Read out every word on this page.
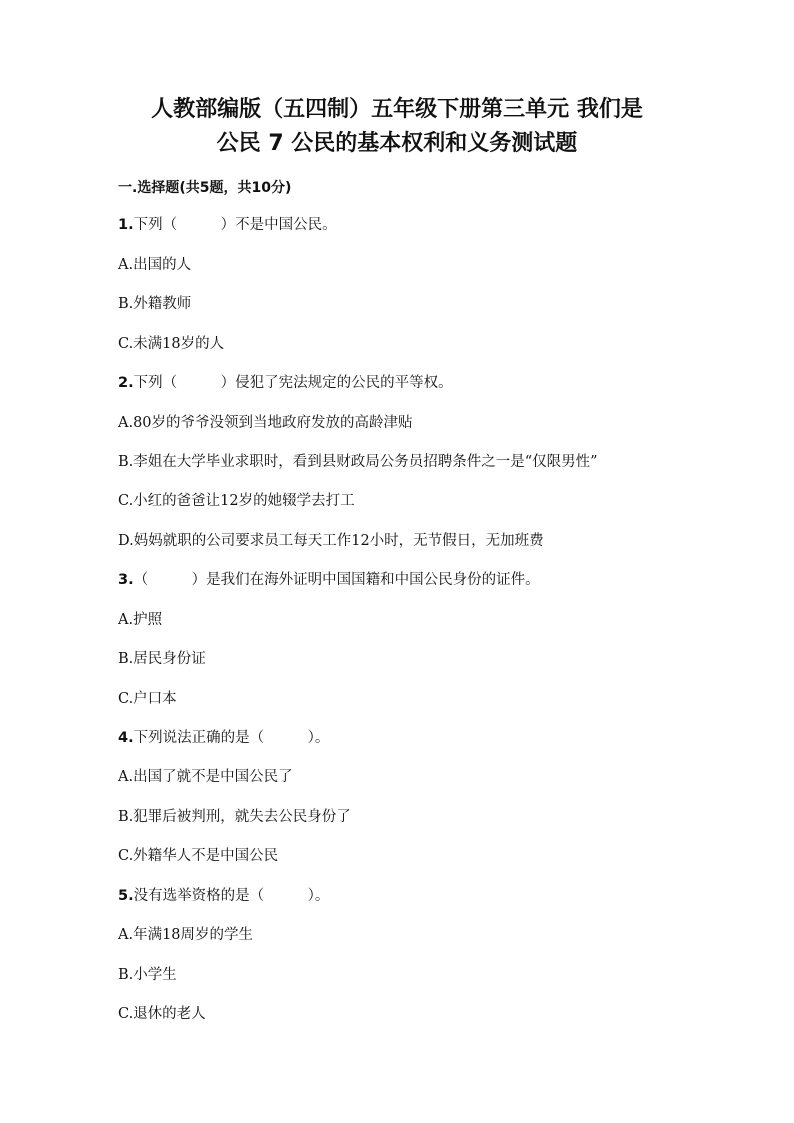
人教部编版（五四制）五年级下册第三单元 我们是
公民 7 公民的基本权利和义务测试题
一.选择题(共5题，共10分)
1.下列（　　　）不是中国公民。
A.出国的人
B.外籍教师
C.未满18岁的人
2.下列（　　　）侵犯了宪法规定的公民的平等权。
A.80岁的爷爷没领到当地政府发放的高龄津贴
B.李姐在大学毕业求职时，看到县财政局公务员招聘条件之一是“仅限男性”
C.小红的爸爸让12岁的她辍学去打工
D.妈妈就职的公司要求员工每天工作12小时，无节假日，无加班费
3.（　　　）是我们在海外证明中国国籍和中国公民身份的证件。
A.护照
B.居民身份证
C.户口本
4.下列说法正确的是（　　　）。
A.出国了就不是中国公民了
B.犯罪后被判刑，就失去公民身份了
C.外籍华人不是中国公民
5.没有选举资格的是（　　　）。
A.年满18周岁的学生
B.小学生
C.退休的老人
